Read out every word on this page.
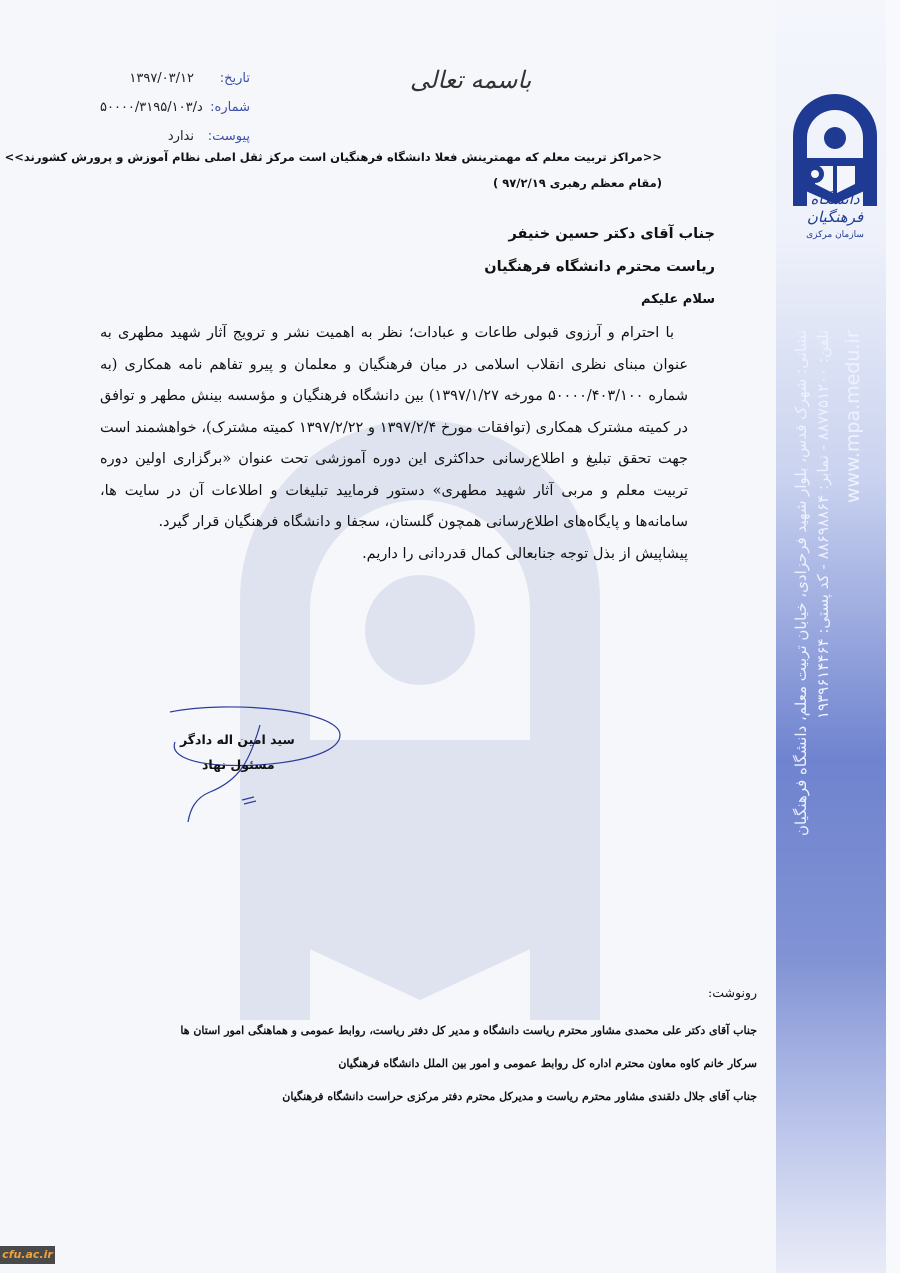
نشانی: شهرک قدس، بلوار شهید فرحزادی، خیابان تربیت معلم، دانشگاه فرهنگیان تلفن: ۸۸۷۷۵۱۲۰۰ - نمابر: ۸۸۶۹۸۸۶۴ - کد پستی: ۱۹۳۹۶۱۴۴۶۴ www.mpa.medu.ir
دانشگاه فرهنگیان
سازمان مرکزی
باسمه تعالی
تاریخ:
۱۳۹۷/۰۳/۱۲
شماره:
د/۵۰۰۰۰/۳۱۹۵/۱۰۳
پیوست:
ندارد
<<مراکز تربیت معلم که مهمترینش فعلا دانشگاه فرهنگیان است مرکز ثقل اصلی نظام آموزش و پرورش کشورند>>
(مقام معظم رهبری ۹۷/۲/۱۹ )
جناب آقای دکتر حسین خنیفر
ریاست محترم دانشگاه فرهنگیان
سلام علیکم

با احترام و آرزوی قبولی طاعات و عبادات؛ نظر به اهمیت نشر و ترویج آثار شهید مطهری به عنوان مبنای نظری انقلاب اسلامی در میان فرهنگیان و معلمان و پیرو تفاهم نامه همکاری (به شماره ۵۰۰۰۰/۴۰۳/۱۰۰ مورخه ۱۳۹۷/۱/۲۷) بین دانشگاه فرهنگیان و مؤسسه بینش مطهر و توافق در کمیته مشترک همکاری (توافقات مورخ ۱۳۹۷/۲/۴ و ۱۳۹۷/۲/۲۲ کمیته مشترک)، خواهشمند است جهت تحقق تبلیغ و اطلاع‌رسانی حداکثری این دوره آموزشی تحت عنوان «برگزاری اولین دوره تربیت معلم و مربی آثار شهید مطهری» دستور فرمایید تبلیغات و اطلاعات آن در سایت ها، سامانه‌ها و پایگاه‌های اطلاع‌رسانی همچون گلستان، سجفا و دانشگاه فرهنگیان قرار گیرد.

پیشاپیش از بذل توجه جنابعالی کمال قدردانی را داریم.

سید امین اله دادگر
مسئول نهاد
رونوشت:
جناب آقای دکتر علی محمدی مشاور محترم ریاست دانشگاه و مدیر کل دفتر ریاست، روابط عمومی و هماهنگی امور استان ها
سرکار خانم کاوه معاون محترم اداره کل روابط عمومی و امور بین الملل دانشگاه فرهنگیان
جناب آقای جلال دلقندی مشاور محترم ریاست و مدیرکل محترم دفتر مرکزی حراست دانشگاه فرهنگیان
cfu.ac.ir
